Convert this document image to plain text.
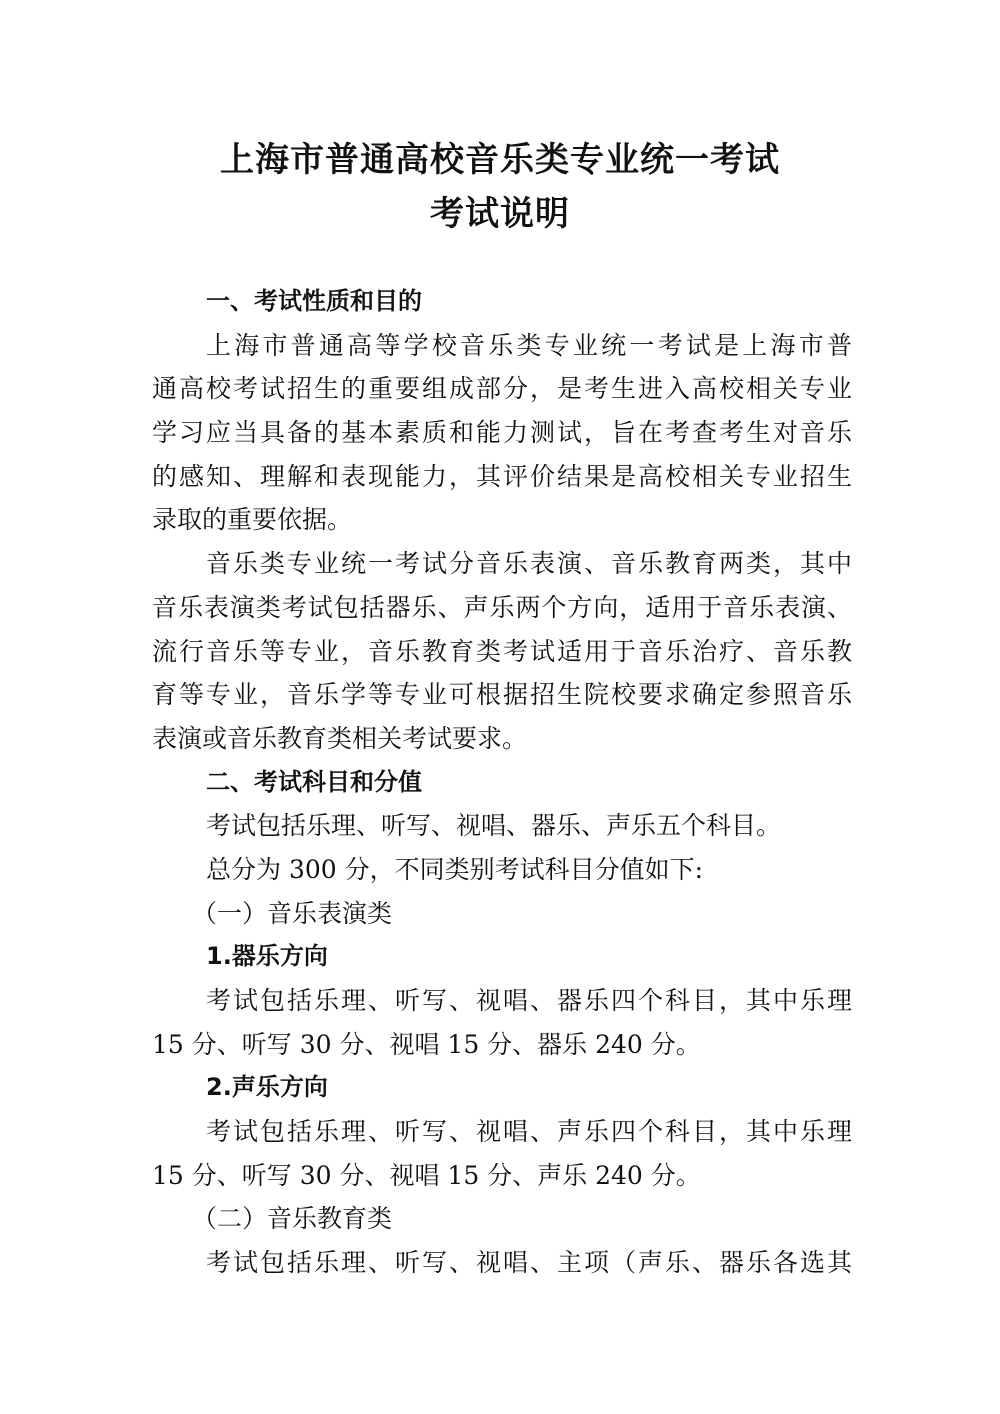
上海市普通高校音乐类专业统一考试
考试说明
一、考试性质和目的
上海市普通高等学校音乐类专业统一考试是上海市普
通高校考试招生的重要组成部分，是考生进入高校相关专业
学习应当具备的基本素质和能力测试，旨在考查考生对音乐
的感知、理解和表现能力，其评价结果是高校相关专业招生
录取的重要依据。
音乐类专业统一考试分音乐表演、音乐教育两类，其中
音乐表演类考试包括器乐、声乐两个方向，适用于音乐表演、
流行音乐等专业，音乐教育类考试适用于音乐治疗、音乐教
育等专业，音乐学等专业可根据招生院校要求确定参照音乐
表演或音乐教育类相关考试要求。
二、考试科目和分值
考试包括乐理、听写、视唱、器乐、声乐五个科目。
总分为 300 分，不同类别考试科目分值如下:
（一）音乐表演类
1.器乐方向
考试包括乐理、听写、视唱、器乐四个科目，其中乐理
15 分、听写 30 分、视唱 15 分、器乐 240 分。
2.声乐方向
考试包括乐理、听写、视唱、声乐四个科目，其中乐理
15 分、听写 30 分、视唱 15 分、声乐 240 分。
（二）音乐教育类
考试包括乐理、听写、视唱、主项（声乐、器乐各选其
